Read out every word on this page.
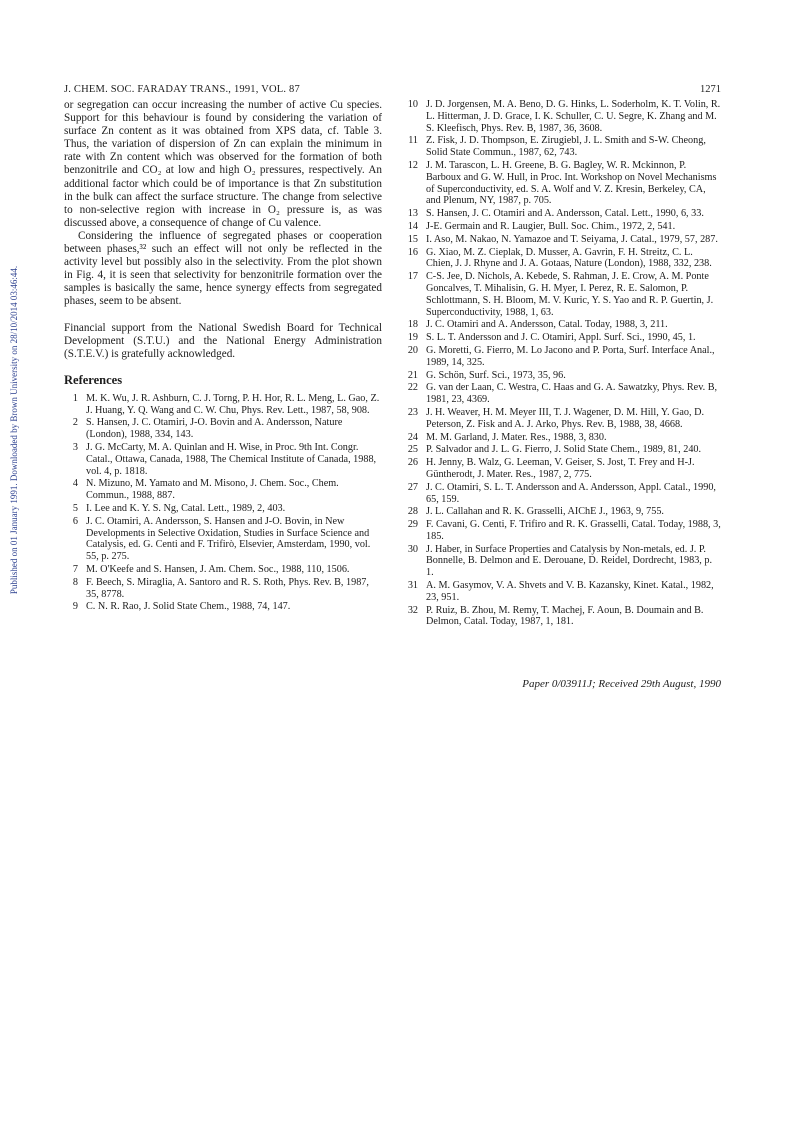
J. CHEM. SOC. FARADAY TRANS., 1991, VOL. 87	1271
Published on 01 January 1991. Downloaded by Brown University on 28/10/2014 03:46:44.

or segregation can occur increasing the number of active Cu species. Support for this behaviour is found by considering the variation of surface Zn content as it was obtained from XPS data, cf. Table 3. Thus, the variation of dispersion of Zn can explain the minimum in rate with Zn content which was observed for the formation of both benzonitrile and CO₂ at low and high O₂ pressures, respectively. An additional factor which could be of importance is that Zn substitution in the bulk can affect the surface structure. The change from selective to non-selective region with increase in O₂ pressure is, as was discussed above, a consequence of change of Cu valence.

Considering the influence of segregated phases or cooperation between phases,³² such an effect will not only be reflected in the activity level but possibly also in the selectivity. From the plot shown in Fig. 4, it is seen that selectivity for benzonitrile formation over the samples is basically the same, hence synergy effects from segregated phases, seem to be absent.

Financial support from the National Swedish Board for Technical Development (S.T.U.) and the National Energy Administration (S.T.E.V.) is gratefully acknowledged.

References
1 M. K. Wu, J. R. Ashburn, C. J. Torng, P. H. Hor, R. L. Meng, L. Gao, Z. J. Huang, Y. Q. Wang and C. W. Chu, Phys. Rev. Lett., 1987, 58, 908.
2 S. Hansen, J. C. Otamiri, J-O. Bovin and A. Andersson, Nature (London), 1988, 334, 143.
3 J. G. McCarty, M. A. Quinlan and H. Wise, in Proc. 9th Int. Congr. Catal., Ottawa, Canada, 1988, The Chemical Institute of Canada, 1988, vol. 4, p. 1818.
4 N. Mizuno, M. Yamato and M. Misono, J. Chem. Soc., Chem. Commun., 1988, 887.
5 I. Lee and K. Y. S. Ng, Catal. Lett., 1989, 2, 403.
6 J. C. Otamiri, A. Andersson, S. Hansen and J-O. Bovin, in New Developments in Selective Oxidation, Studies in Surface Science and Catalysis, ed. G. Centi and F. Trifirò, Elsevier, Amsterdam, 1990, vol. 55, p. 275.
7 M. O'Keefe and S. Hansen, J. Am. Chem. Soc., 1988, 110, 1506.
8 F. Beech, S. Miraglia, A. Santoro and R. S. Roth, Phys. Rev. B, 1987, 35, 8778.
9 C. N. R. Rao, J. Solid State Chem., 1988, 74, 147.
10 J. D. Jorgensen, M. A. Beno, D. G. Hinks, L. Soderholm, K. T. Volin, R. L. Hitterman, J. D. Grace, I. K. Schuller, C. U. Segre, K. Zhang and M. S. Kleefisch, Phys. Rev. B, 1987, 36, 3608.
11 Z. Fisk, J. D. Thompson, E. Zirugiebl, J. L. Smith and S-W. Cheong, Solid State Commun., 1987, 62, 743.
12 J. M. Tarascon, L. H. Greene, B. G. Bagley, W. R. Mckinnon, P. Barboux and G. W. Hull, in Proc. Int. Workshop on Novel Mechanisms of Superconductivity, ed. S. A. Wolf and V. Z. Kresin, Berkeley, CA, and Plenum, NY, 1987, p. 705.
13 S. Hansen, J. C. Otamiri and A. Andersson, Catal. Lett., 1990, 6, 33.
14 J-E. Germain and R. Laugier, Bull. Soc. Chim., 1972, 2, 541.
15 I. Aso, M. Nakao, N. Yamazoe and T. Seiyama, J. Catal., 1979, 57, 287.
16 G. Xiao, M. Z. Cieplak, D. Musser, A. Gavrin, F. H. Streitz, C. L. Chien, J. J. Rhyne and J. A. Gotaas, Nature (London), 1988, 332, 238.
17 C-S. Jee, D. Nichols, A. Kebede, S. Rahman, J. E. Crow, A. M. Ponte Goncalves, T. Mihalisin, G. H. Myer, I. Perez, R. E. Salomon, P. Schlottmann, S. H. Bloom, M. V. Kuric, Y. S. Yao and R. P. Guertin, J. Superconductivity, 1988, 1, 63.
18 J. C. Otamiri and A. Andersson, Catal. Today, 1988, 3, 211.
19 S. L. T. Andersson and J. C. Otamiri, Appl. Surf. Sci., 1990, 45, 1.
20 G. Moretti, G. Fierro, M. Lo Jacono and P. Porta, Surf. Interface Anal., 1989, 14, 325.
21 G. Schön, Surf. Sci., 1973, 35, 96.
22 G. van der Laan, C. Westra, C. Haas and G. A. Sawatzky, Phys. Rev. B, 1981, 23, 4369.
23 J. H. Weaver, H. M. Meyer III, T. J. Wagener, D. M. Hill, Y. Gao, D. Peterson, Z. Fisk and A. J. Arko, Phys. Rev. B, 1988, 38, 4668.
24 M. M. Garland, J. Mater. Res., 1988, 3, 830.
25 P. Salvador and J. L. G. Fierro, J. Solid State Chem., 1989, 81, 240.
26 H. Jenny, B. Walz, G. Leeman, V. Geiser, S. Jost, T. Frey and H-J. Güntherodt, J. Mater. Res., 1987, 2, 775.
27 J. C. Otamiri, S. L. T. Andersson and A. Andersson, Appl. Catal., 1990, 65, 159.
28 J. L. Callahan and R. K. Grasselli, AIChE J., 1963, 9, 755.
29 F. Cavani, G. Centi, F. Trifiro and R. K. Grasselli, Catal. Today, 1988, 3, 185.
30 J. Haber, in Surface Properties and Catalysis by Non-metals, ed. J. P. Bonnelle, B. Delmon and E. Derouane, D. Reidel, Dordrecht, 1983, p. 1.
31 A. M. Gasymov, V. A. Shvets and V. B. Kazansky, Kinet. Katal., 1982, 23, 951.
32 P. Ruiz, B. Zhou, M. Remy, T. Machej, F. Aoun, B. Doumain and B. Delmon, Catal. Today, 1987, 1, 181.
Paper 0/03911J; Received 29th August, 1990
